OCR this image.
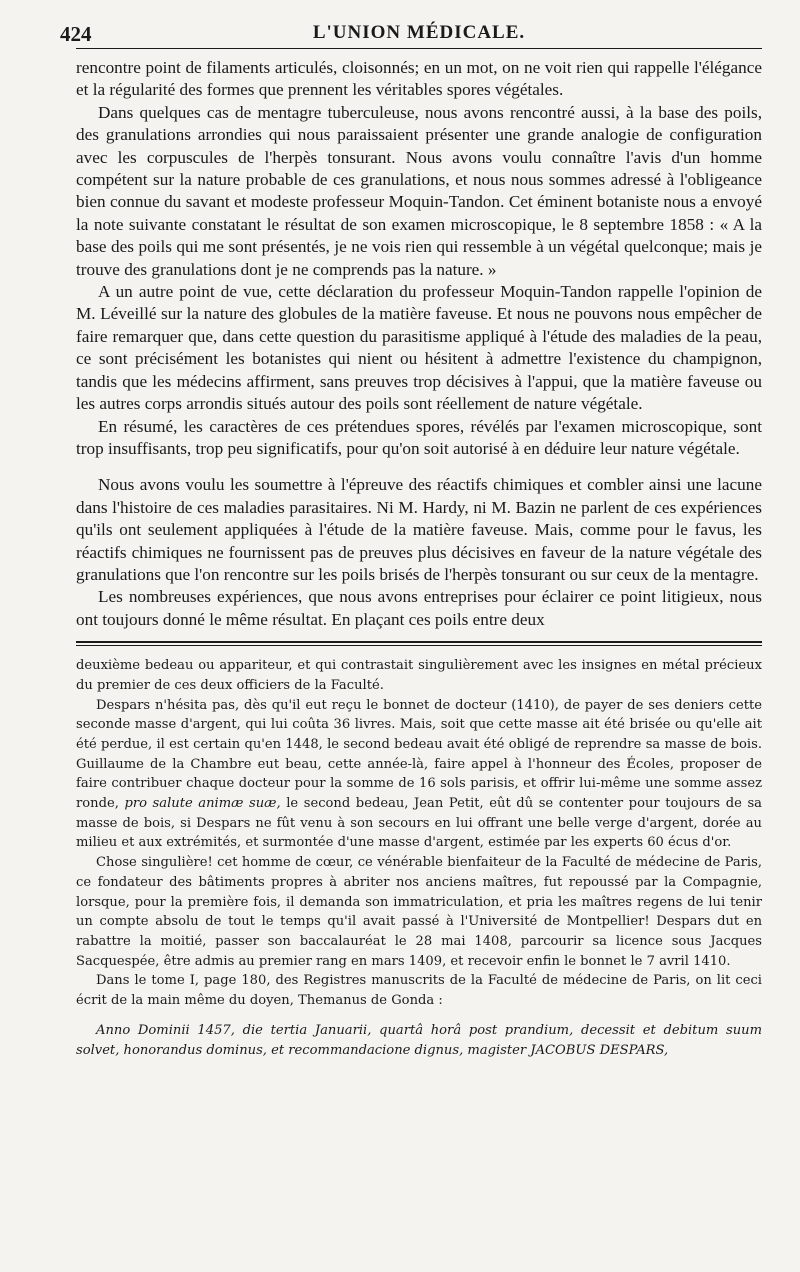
424	L'UNION MÉDICALE.

rencontre point de filaments articulés, cloisonnés; en un mot, on ne voit rien qui rappelle l'élégance et la régularité des formes que prennent les véritables spores végétales.

Dans quelques cas de mentagre tuberculeuse, nous avons rencontré aussi, à la base des poils, des granulations arrondies qui nous paraissaient présenter une grande analogie de configuration avec les corpuscules de l'herpès tonsurant. Nous avons voulu connaître l'avis d'un homme compétent sur la nature probable de ces granulations, et nous nous sommes adressé à l'obligeance bien connue du savant et modeste professeur Moquin-Tandon. Cet éminent botaniste nous a envoyé la note suivante constatant le résultat de son examen microscopique, le 8 septembre 1858 : « A la base des poils qui me sont présentés, je ne vois rien qui ressemble à un végétal quelconque; mais je trouve des granulations dont je ne comprends pas la nature. »

A un autre point de vue, cette déclaration du professeur Moquin-Tandon rappelle l'opinion de M. Léveillé sur la nature des globules de la matière faveuse. Et nous ne pouvons nous empêcher de faire remarquer que, dans cette question du parasitisme appliqué à l'étude des maladies de la peau, ce sont précisément les botanistes qui nient ou hésitent à admettre l'existence du champignon, tandis que les médecins affirment, sans preuves trop décisives à l'appui, que la matière faveuse ou les autres corps arrondis situés autour des poils sont réellement de nature végétale.

En résumé, les caractères de ces prétendues spores, révélés par l'examen microscopique, sont trop insuffisants, trop peu significatifs, pour qu'on soit autorisé à en déduire leur nature végétale.

Nous avons voulu les soumettre à l'épreuve des réactifs chimiques et combler ainsi une lacune dans l'histoire de ces maladies parasitaires. Ni M. Hardy, ni M. Bazin ne parlent de ces expériences qu'ils ont seulement appliquées à l'étude de la matière faveuse. Mais, comme pour le favus, les réactifs chimiques ne fournissent pas de preuves plus décisives en faveur de la nature végétale des granulations que l'on rencontre sur les poils brisés de l'herpès tonsurant ou sur ceux de la mentagre.

Les nombreuses expériences, que nous avons entreprises pour éclairer ce point litigieux, nous ont toujours donné le même résultat. En plaçant ces poils entre deux

deuxième bedeau ou appariteur, et qui contrastait singulièrement avec les insignes en métal précieux du premier de ces deux officiers de la Faculté.

Despars n'hésita pas, dès qu'il eut reçu le bonnet de docteur (1410), de payer de ses deniers cette seconde masse d'argent, qui lui coûta 36 livres. Mais, soit que cette masse ait été brisée ou qu'elle ait été perdue, il est certain qu'en 1448, le second bedeau avait été obligé de reprendre sa masse de bois. Guillaume de la Chambre eut beau, cette année-là, faire appel à l'honneur des Écoles, proposer de faire contribuer chaque docteur pour la somme de 16 sols parisis, et offrir lui-même une somme assez ronde, pro salute animæ suæ, le second bedeau, Jean Petit, eût dû se contenter pour toujours de sa masse de bois, si Despars ne fût venu à son secours en lui offrant une belle verge d'argent, dorée au milieu et aux extrémités, et surmontée d'une masse d'argent, estimée par les experts 60 écus d'or.

Chose singulière! cet homme de cœur, ce vénérable bienfaiteur de la Faculté de médecine de Paris, ce fondateur des bâtiments propres à abriter nos anciens maîtres, fut repoussé par la Compagnie, lorsque, pour la première fois, il demanda son immatriculation, et pria les maîtres regens de lui tenir un compte absolu de tout le temps qu'il avait passé à l'Université de Montpellier! Despars dut en rabattre la moitié, passer son baccalauréat le 28 mai 1408, parcourir sa licence sous Jacques Sacquespée, être admis au premier rang en mars 1409, et recevoir enfin le bonnet le 7 avril 1410.

Dans le tome I, page 180, des Registres manuscrits de la Faculté de médecine de Paris, on lit ceci écrit de la main même du doyen, Themanus de Gonda :

Anno Dominii 1457, die tertia Januarii, quartâ horâ post prandium, decessit et debitum suum solvet, honorandus dominus, et recommandacione dignus, magister JACOBUS DESPARS,
